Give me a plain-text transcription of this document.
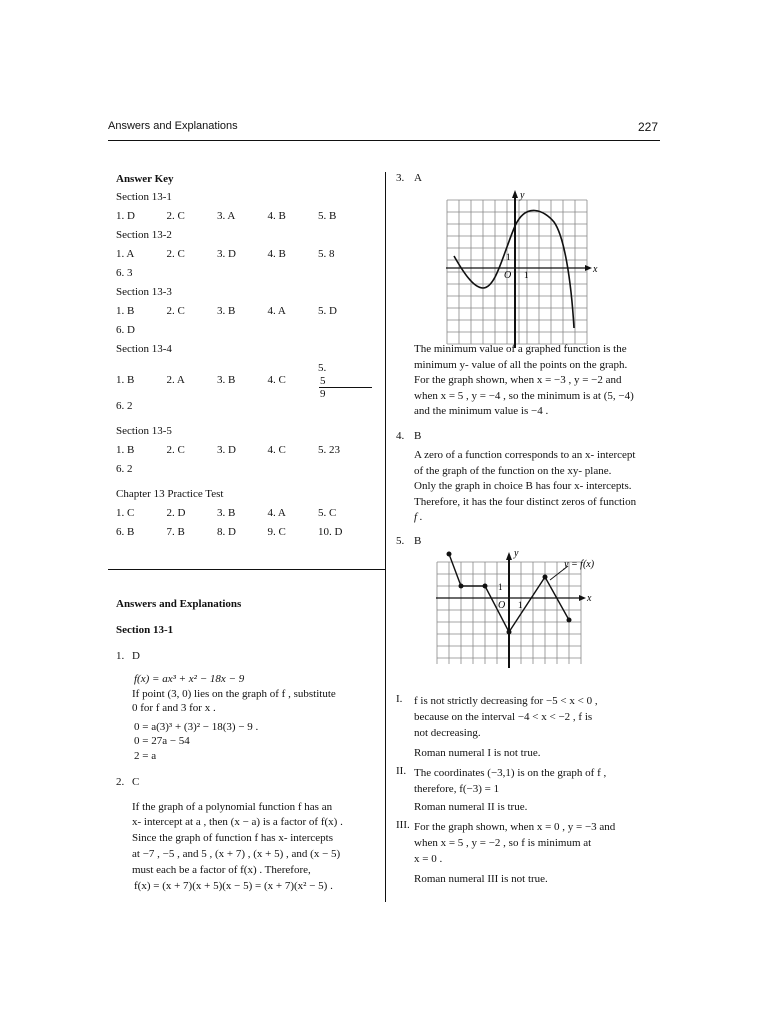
Answers and Explanations	227
Answer Key
Section 13-1
1. D	2. C	3. A	4. B	5. B
Section 13-2
1. A	2. C	3. D	4. B	5. 8
6. 3
Section 13-3
1. B	2. C	3. B	4. A	5. D
6. D
Section 13-4
1. B	2. A	3. B	4. C
5.
$\frac{5}{9}$
6. 2
Section 13-5
1. B	2. C	3. D	4. C	5. 23
6. 2
Chapter 13 Practice Test
1. C	2. D	3. B	4. A	5. C
6. B	7. B	8. D	9. C	10. D
Answers and Explanations
Section 13-1
1. D
f(x) = ax³ + x² − 18x − 9
If point (3, 0) lies on the graph of f , substitute
0 for f and 3 for x .
0 = a(3)³ + (3)² − 18(3) − 9 .
0 = 27a − 54
2 = a
2. C
If the graph of a polynomial function f has an
x- intercept at a , then (x − a) is a factor of f(x) .
Since the graph of function f has x- intercepts
at −7 , −5 , and 5 , (x + 7) , (x + 5) , and (x − 5)
must each be a factor of f(x) . Therefore,
f(x) = (x + 7)(x + 5)(x − 5) = (x + 7)(x² − 5) .
3. A
y
x
O 1
1
The minimum value of a graphed function is the
minimum y- value of all the points on the graph.
For the graph shown, when x = −3 , y = −2 and
when x = 5 , y = −4 , so the minimum is at (5, −4)
and the minimum value is −4 .
4. B
A zero of a function corresponds to an x- intercept
of the graph of the function on the xy- plane.
Only the graph in choice B has four x- intercepts.
Therefore, it has the four distinct zeros of function
f .
5. B
y = f(x)
y
x
O 1
1
I.	f is not strictly decreasing for −5 < x < 0 ,
because on the interval −4 < x < −2 , f is
not decreasing.
Roman numeral I is not true.
II. The coordinates (−3,1) is on the graph of f ,
therefore, f(−3) = 1
Roman numeral II is true.
III. For the graph shown, when x = 0 , y = −3 and
when x = 5 , y = −2 , so f is minimum at
x = 0 .
Roman numeral III is not true.
